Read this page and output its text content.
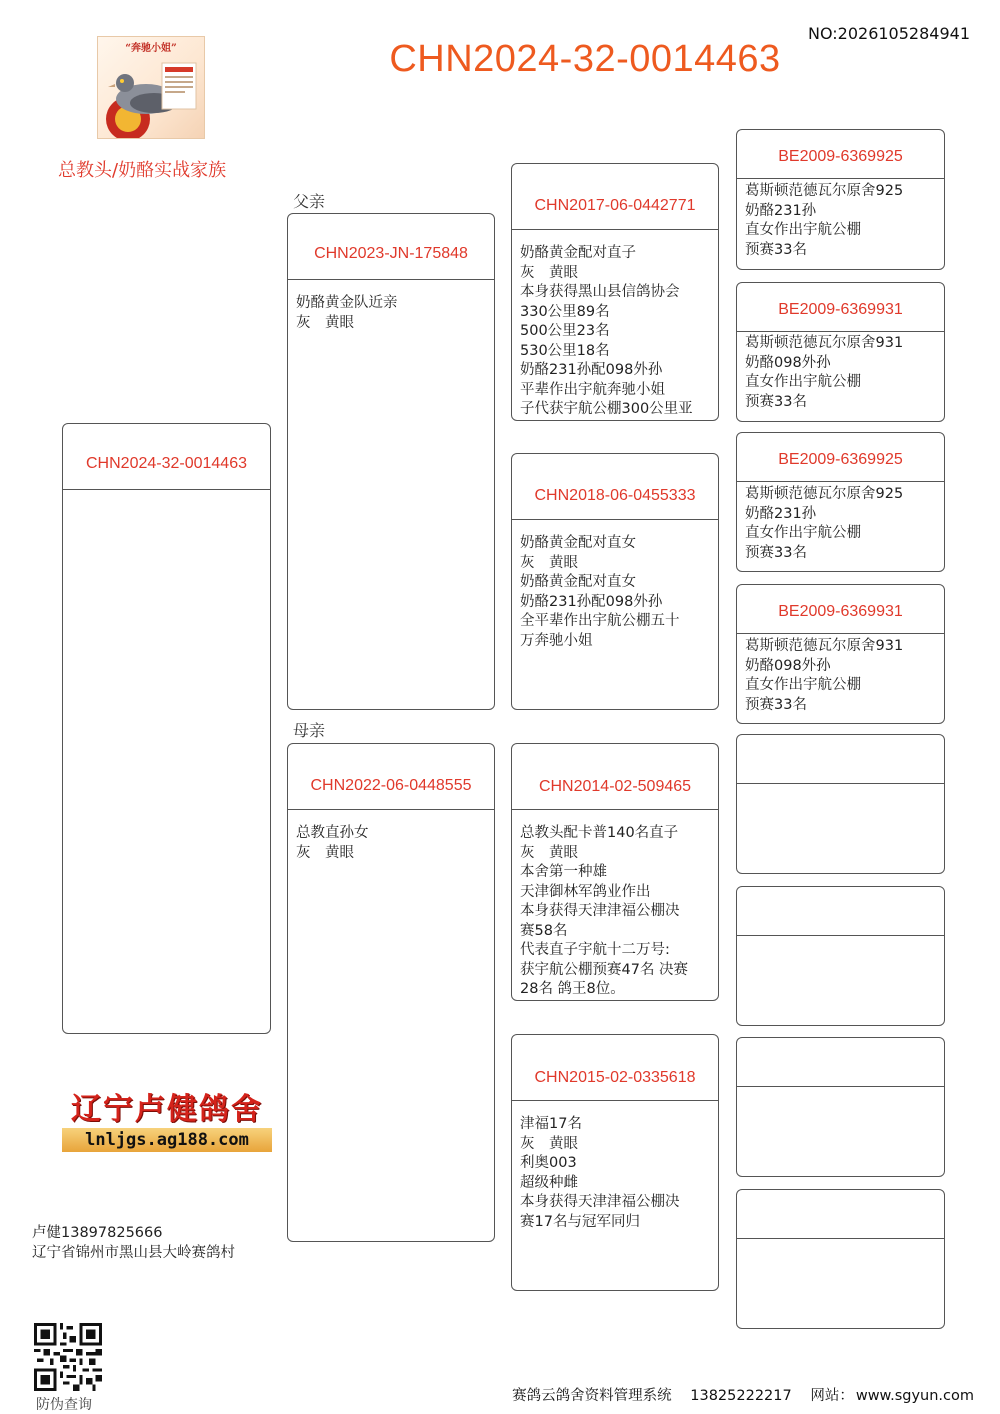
“奔驰小姐”	CHN2024-32-0014463
NO:2026105284941
总教头/奶酪实战家族
父亲
母亲
CHN2024-32-0014463
CHN2023-JN-175848
奶酪黄金队近亲
灰　黄眼
CHN2022-06-0448555
总教直孙女
灰　黄眼
CHN2017-06-0442771
奶酪黄金配对直子
灰　黄眼
本身获得黑山县信鸽协会
330公里89名
500公里23名
530公里18名
奶酪231孙配098外孙
平辈作出宇航奔驰小姐
子代获宇航公棚300公里亚
CHN2018-06-0455333
奶酪黄金配对直女
灰　黄眼
奶酪黄金配对直女
奶酪231孙配098外孙
全平辈作出宇航公棚五十
万奔驰小姐
CHN2014-02-509465
总教头配卡普140名直子
灰　黄眼
本舍第一种雄
天津御林军鸽业作出
本身获得天津津福公棚决
赛58名
代表直子宇航十二万号:
获宇航公棚预赛47名 决赛
28名 鸽王8位。
CHN2015-02-0335618
津福17名
灰　黄眼
利奥003
超级种雌
本身获得天津津福公棚决
赛17名与冠军同归
BE2009-6369925
葛斯顿范德瓦尔原舍925
奶酪231孙
直女作出宇航公棚
预赛33名
BE2009-6369931
葛斯顿范德瓦尔原舍931
奶酪098外孙
直女作出宇航公棚
预赛33名
BE2009-6369925
葛斯顿范德瓦尔原舍925
奶酪231孙
直女作出宇航公棚
预赛33名
BE2009-6369931
葛斯顿范德瓦尔原舍931
奶酪098外孙
直女作出宇航公棚
预赛33名
辽宁卢健鸽舍
lnljgs.ag188.com
卢健13897825666
辽宁省锦州市黑山县大岭赛鸽村
防伪查询
赛鸽云鸽舍资料管理系统 13825222217 网站： www.sgyun.com
